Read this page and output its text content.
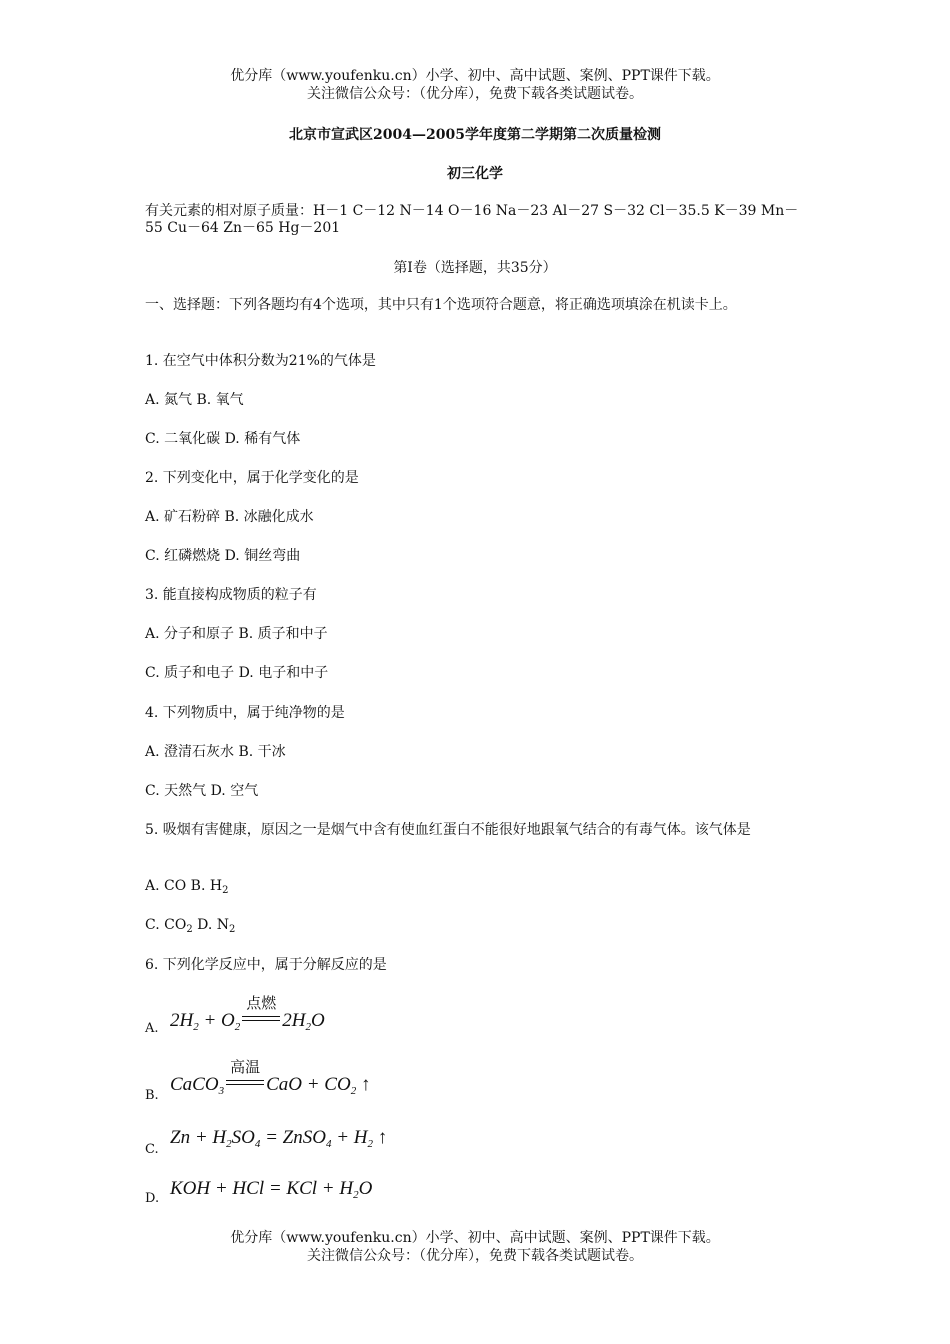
优分库（www.youfenku.cn）小学、初中、高中试题、案例、PPT课件下载。
关注微信公众号：（优分库），免费下载各类试题试卷。
北京市宣武区2004—2005学年度第二学期第二次质量检测
初三化学
有关元素的相对原子质量：H－1 C－12 N－14 O－16 Na－23 Al－27 S－32 Cl－35.5 K－39 Mn－55 Cu－64 Zn－65 Hg－201
第Ⅰ卷（选择题，共35分）
一、选择题：下列各题均有4个选项，其中只有1个选项符合题意，将正确选项填涂在机读卡上。
1. 在空气中体积分数为21%的气体是
A. 氮气 B. 氧气
C. 二氧化碳 D. 稀有气体
2. 下列变化中，属于化学变化的是
A. 矿石粉碎 B. 冰融化成水
C. 红磷燃烧 D. 铜丝弯曲
3. 能直接构成物质的粒子有
A. 分子和原子 B. 质子和中子
C. 质子和电子 D. 电子和中子
4. 下列物质中，属于纯净物的是
A. 澄清石灰水 B. 干冰
C. 天然气 D. 空气
5. 吸烟有害健康，原因之一是烟气中含有使血红蛋白不能很好地跟氧气结合的有毒气体。该气体是
A. CO B. $H_2$
C. $CO_2$ D. $N_2$
6. 下列化学反应中，属于分解反应的是
A. $2H_2 + O_2$
点燃
$2H_2O$
B.
CaCO$_3$
高温
CaO + $CO_2$ ↑
C.
$Zn + H_2SO_4$ = ZnSO$_4$ + $H_2$ ↑
D. KOH + HCl = KCl + $H_2O$
优分库（www.youfenku.cn）小学、初中、高中试题、案例、PPT课件下载。
关注微信公众号：（优分库），免费下载各类试题试卷。
